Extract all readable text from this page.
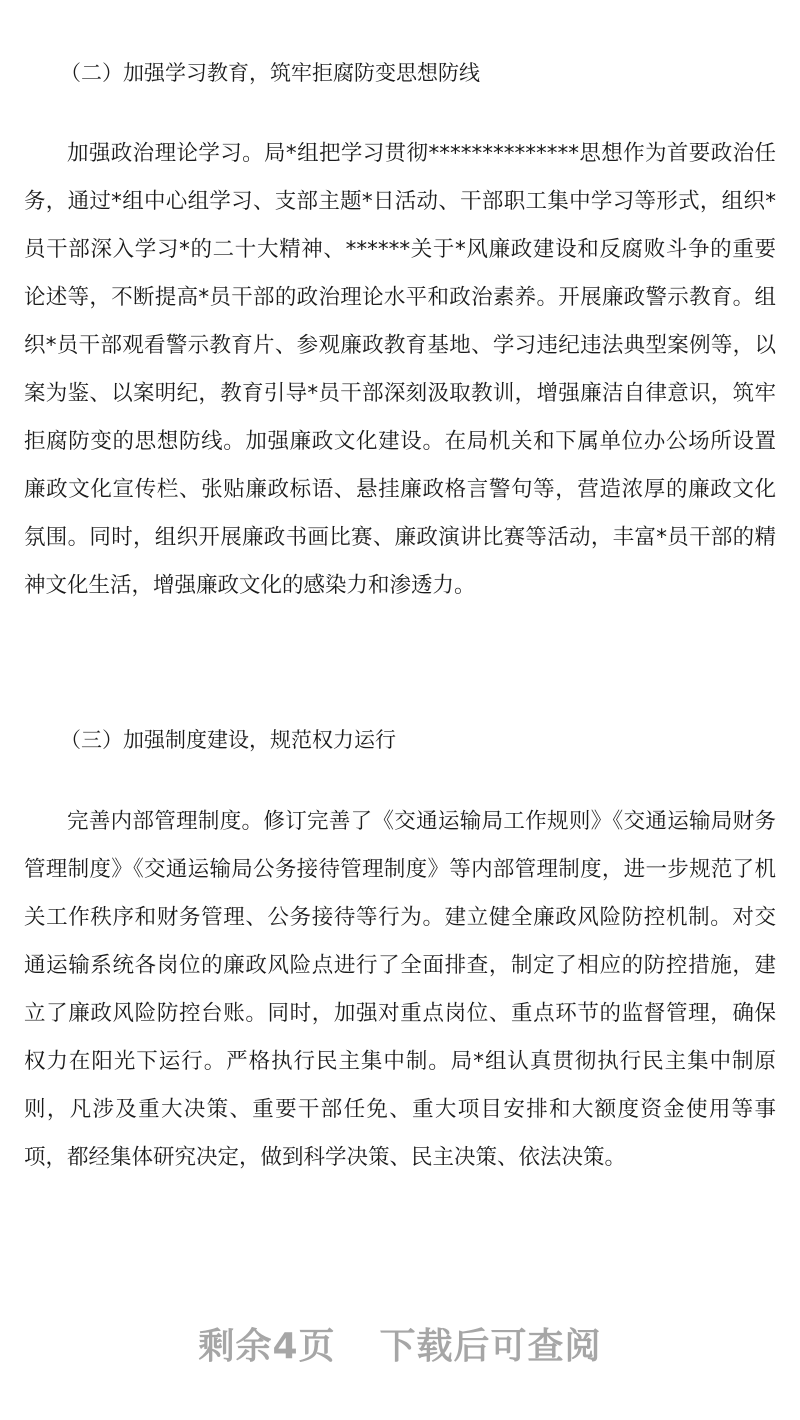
（二）加强学习教育，筑牢拒腐防变思想防线

加强政治理论学习。局*组把学习贯彻**************思想作为首要政治任务，通过*组中心组学习、支部主题*日活动、干部职工集中学习等形式，组织*员干部深入学习*的二十大精神、******关于*风廉政建设和反腐败斗争的重要论述等，不断提高*员干部的政治理论水平和政治素养。开展廉政警示教育。组织*员干部观看警示教育片、参观廉政教育基地、学习违纪违法典型案例等，以案为鉴、以案明纪，教育引导*员干部深刻汲取教训，增强廉洁自律意识，筑牢拒腐防变的思想防线。加强廉政文化建设。在局机关和下属单位办公场所设置廉政文化宣传栏、张贴廉政标语、悬挂廉政格言警句等，营造浓厚的廉政文化氛围。同时，组织开展廉政书画比赛、廉政演讲比赛等活动，丰富*员干部的精神文化生活，增强廉政文化的感染力和渗透力。

（三）加强制度建设，规范权力运行

完善内部管理制度。修订完善了《交通运输局工作规则》《交通运输局财务管理制度》《交通运输局公务接待管理制度》等内部管理制度，进一步规范了机关工作秩序和财务管理、公务接待等行为。建立健全廉政风险防控机制。对交通运输系统各岗位的廉政风险点进行了全面排查，制定了相应的防控措施，建立了廉政风险防控台账。同时，加强对重点岗位、重点环节的监督管理，确保权力在阳光下运行。严格执行民主集中制。局*组认真贯彻执行民主集中制原则，凡涉及重大决策、重要干部任免、重大项目安排和大额度资金使用等事项，都经集体研究决定，做到科学决策、民主决策、依法决策。

剩余4页 下载后可查阅
